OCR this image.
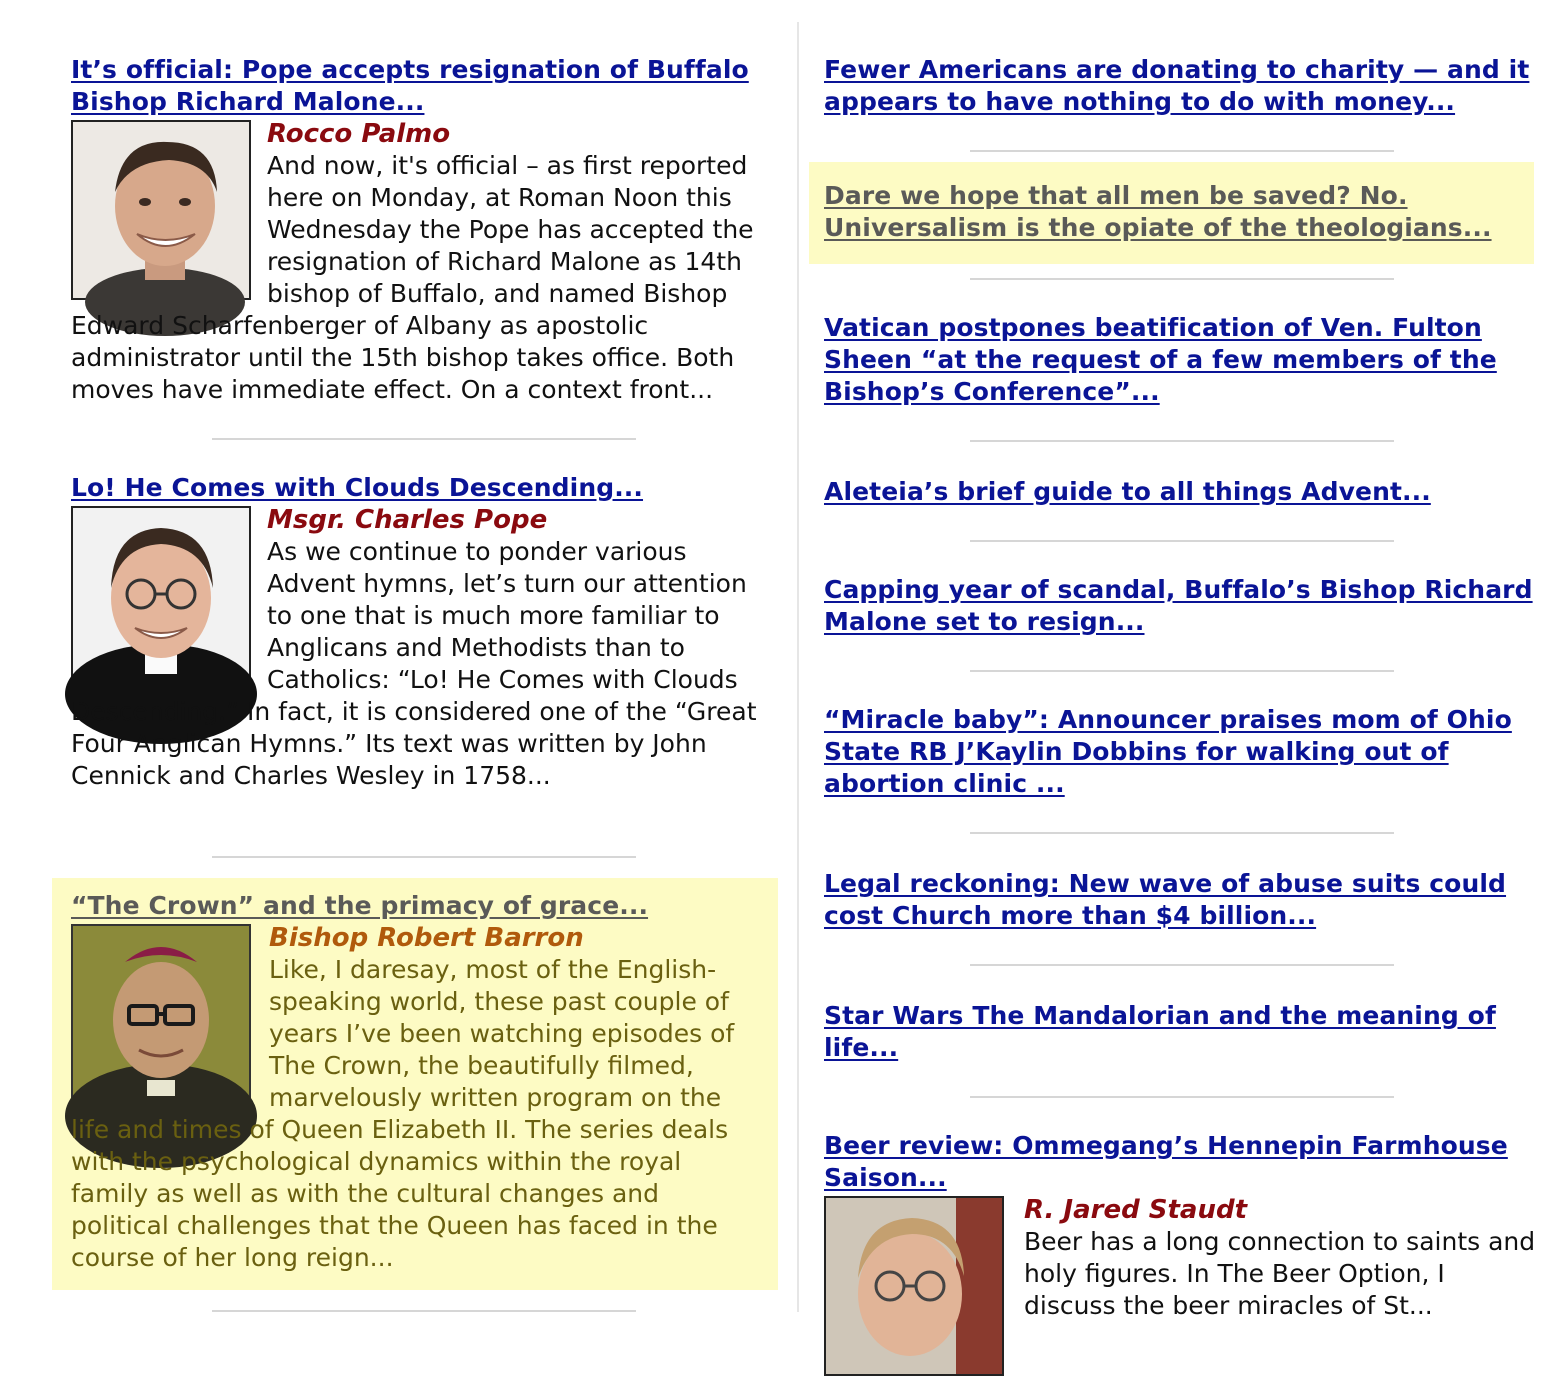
It’s official: Pope accepts resignation of Buffalo Bishop Richard Malone...
Rocco Palmo

And now, it's official – as first reported here on Monday, at Roman Noon this Wednesday the Pope has accepted the resignation of Richard Malone as 14th bishop of Buffalo, and named Bishop Edward Scharfenberger of Albany as apostolic administrator until the 15th bishop takes office. Both moves have immediate effect. On a context front...

Lo! He Comes with Clouds Descending...
Msgr. Charles Pope

As we continue to ponder various Advent hymns, let’s turn our attention to one that is much more familiar to Anglicans and Methodists than to Catholics: “Lo! He Comes with Clouds Descending.” In fact, it is considered one of the “Great Four Anglican Hymns.” Its text was written by John Cennick and Charles Wesley in 1758...

“The Crown” and the primacy of grace...
Bishop Robert Barron

Like, I daresay, most of the English-speaking world, these past couple of years I’ve been watching episodes of The Crown, the beautifully filmed, marvelously written program on the life and times of Queen Elizabeth II. The series deals with the psychological dynamics within the royal family as well as with the cultural changes and political challenges that the Queen has faced in the course of her long reign...

Fewer Americans are donating to charity — and it appears to have nothing to do with money...
Dare we hope that all men be saved? No. Universalism is the opiate of the theologians...
Vatican postpones beatification of Ven. Fulton Sheen “at the request of a few members of the Bishop’s Conference”...
Aleteia’s brief guide to all things Advent...
Capping year of scandal, Buffalo’s Bishop Richard Malone set to resign...
“Miracle baby”: Announcer praises mom of Ohio State RB J’Kaylin Dobbins for walking out of abortion clinic ...
Legal reckoning: New wave of abuse suits could cost Church more than $4 billion...
Star Wars The Mandalorian and the meaning of life...
Beer review: Ommegang’s Hennepin Farmhouse Saison...
R. Jared Staudt

Beer has a long connection to saints and holy figures. In The Beer Option, I discuss the beer miracles of St...
